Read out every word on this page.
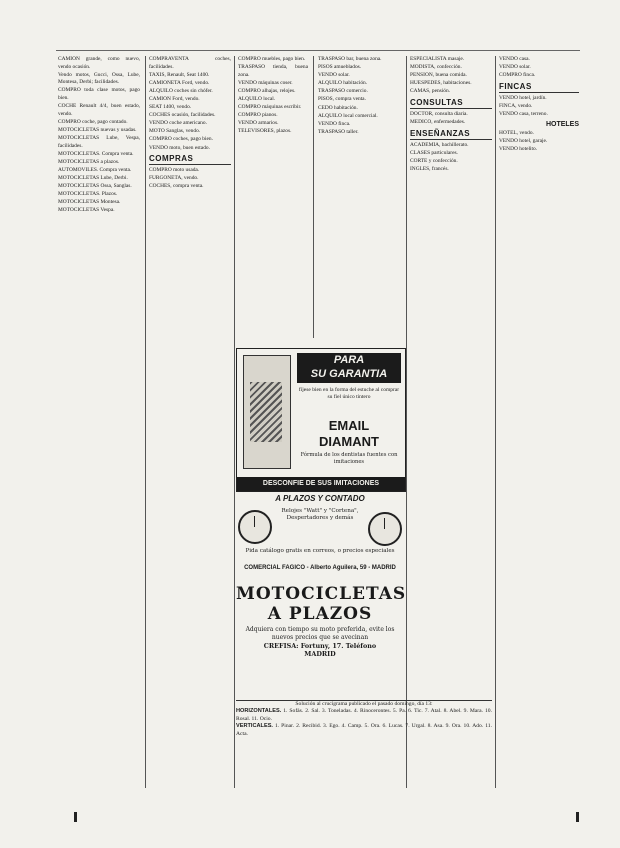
CAMION grande, como nuevo, vendo ocasión.

Vendo motos, Gucci, Ossa, Lube, Montesa, Derbi; facilidades.

COMPRO toda clase motos, pago bien.

COCHE Renault 4/4, buen estado, vendo.

COMPRO coche, pago contado.

MOTOCICLETAS nuevas y usadas.

MOTOCICLETAS Lube, Vespa, facilidades.

MOTOCICLETAS. Compra venta.

MOTOCICLETAS a plazos.

AUTOMOVILES. Compra venta.

MOTOCICLETAS Lube, Derbi.

MOTOCICLETAS Ossa, Sanglas.

MOTOCICLETAS. Plazos.

MOTOCICLETAS Montesa.

MOTOCICLETAS Vespa.

COMPRAVENTA coches, facilidades.

TAXIS, Renault, Seat 1400.

CAMIONETA Ford, vendo.

ALQUILO coches sin chófer.

CAMION Ford, vendo.

SEAT 1400, vendo.

COCHES ocasión, facilidades.

VENDO coche americano.

MOTO Sanglas, vendo.

COMPRO coches, pago bien.

VENDO moto, buen estado.

COMPRAS

COMPRO moto usada.

FURGONETA, vendo.

COCHES, compra venta.

COMPRO muebles, pago bien.

TRASPASO tienda, buena zona.

VENDO máquinas coser.

COMPRO alhajas, relojes.

ALQUILO local.

COMPRO máquinas escribir.

COMPRO pianos.

VENDO armarios.

TELEVISORES, plazos.

TRASPASO bar, buena zona.

PISOS amueblados.

VENDO solar.

ALQUILO habitación.

TRASPASO comercio.

PISOS, compra venta.

CEDO habitación.

ALQUILO local comercial.

VENDO finca.

TRASPASO taller.

ESPECIALISTA masaje.

MODISTA, confección.

PENSION, buena comida.

HUESPEDES, habitaciones.

CAMAS, pensión.

CONSULTAS

DOCTOR, consulta diaria.

MEDICO, enfermedades.

ENSEÑANZAS

ACADEMIA, bachillerato.

CLASES particulares.

CORTE y confección.

INGLES, francés.

VENDO casa.

VENDO solar.

COMPRO finca.

FINCAS

VENDO hotel, jardín.

FINCA, vendo.

VENDO casa, terreno.

HOTELES

HOTEL, vendo.

VENDO hotel, garaje.

VENDO hotelito.

PARA
SU GARANTIA
fíjese bien en la forma del estuche al comprar su fiel único tintero
EMAIL
DIAMANT
Fórmula de los dentistas fuentes con imitaciones
DESCONFIE DE SUS IMITACIONES
A PLAZOS Y CONTADO
Relojes "Watt" y "Cortena", Despertadores y demás
Pida catálogo gratis en correos, o precios especiales
COMERCIAL FAGICO - Alberto Aguilera, 59 - MADRID
MOTOCICLETAS
A PLAZOS
Adquiera con tiempo su moto preferida, evite los nuevos precios que se avecinan
CREFISA: Fortuny, 17. Teléfono
MADRID
Solución al crucigrama publicado el pasado domingo, día 13:
HORIZONTALES. 1. Sofás. 2. Sal. 3. Toneladas. 4. Rinocerontes. 5. Pa. 6. Tic. 7. Atal. 8. Abel. 9. Mara. 10. Rosal. 11. Ocio.
VERTICALES. 1. Pinar. 2. Recibid. 3. Ego. 4. Camp. 5. Ora. 6. Lucas. 7. Urgal. 8. Asa. 9. Ora. 10. Ado. 11. Acta.
